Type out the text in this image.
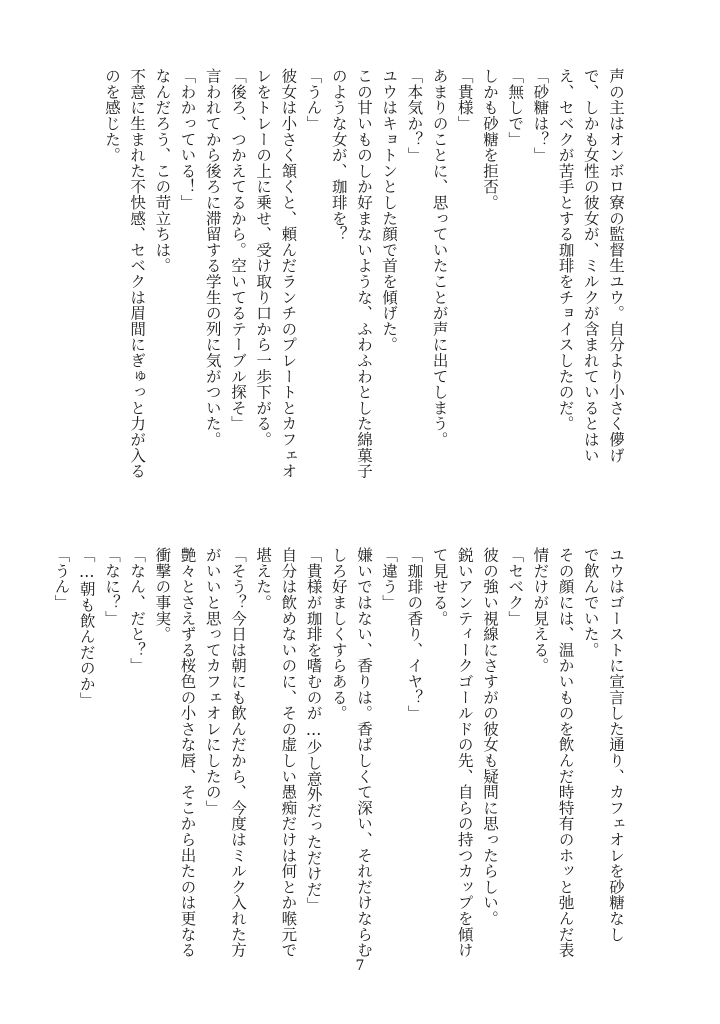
声の主はオンボロ寮の監督生ユウ。自分より小さく儚げ
で、しかも女性の彼女が、ミルクが含まれているとはい
え、セベクが苦手とする珈琲をチョイスしたのだ。
「砂糖は？」
「無しで」
しかも砂糖を拒否。
「貴様」
あまりのことに、思っていたことが声に出てしまう。
「本気か？」
ユウはキョトンとした顔で首を傾げた。
この甘いものしか好まないような、ふわふわとした綿菓子
のような女が、珈琲を？
「うん」
彼女は小さく頷くと、頼んだランチのプレートとカフェオ
レをトレーの上に乗せ、受け取り口から一歩下がる。
「後ろ、つかえてるから。空いてるテーブル探そ」
言われてから後ろに滞留する学生の列に気がついた。
「わかっている！」
なんだろう、この苛立ちは。
不意に生まれた不快感、セベクは眉間にぎゅっと力が入る
のを感じた。
ユウはゴーストに宣言した通り、カフェオレを砂糖なし
で飲んでいた。
その顔には、温かいものを飲んだ時特有のホッと弛んだ表
情だけが見える。
「セベク」
彼の強い視線にさすがの彼女も疑問に思ったらしい。
鋭いアンティークゴールドの先、自らの持つカップを傾け
て見せる。
「珈琲の香り、イヤ？」
「違う」
嫌いではない、香りは。香ばしくて深い、それだけならむ
しろ好ましくすらある。
「貴様が珈琲を嗜むのが…少し意外だっただけだ」
自分は飲めないのに、その虚しい愚痴だけは何とか喉元で
堪えた。
「そう？今日は朝にも飲んだから、今度はミルク入れた方
がいいと思ってカフェオレにしたの」
艶々とさえずる桜色の小さな唇、そこから出たのは更なる
衝撃の事実。
「なん、だと？」
「なに？」
「…朝も飲んだのか」
「うん」
7
